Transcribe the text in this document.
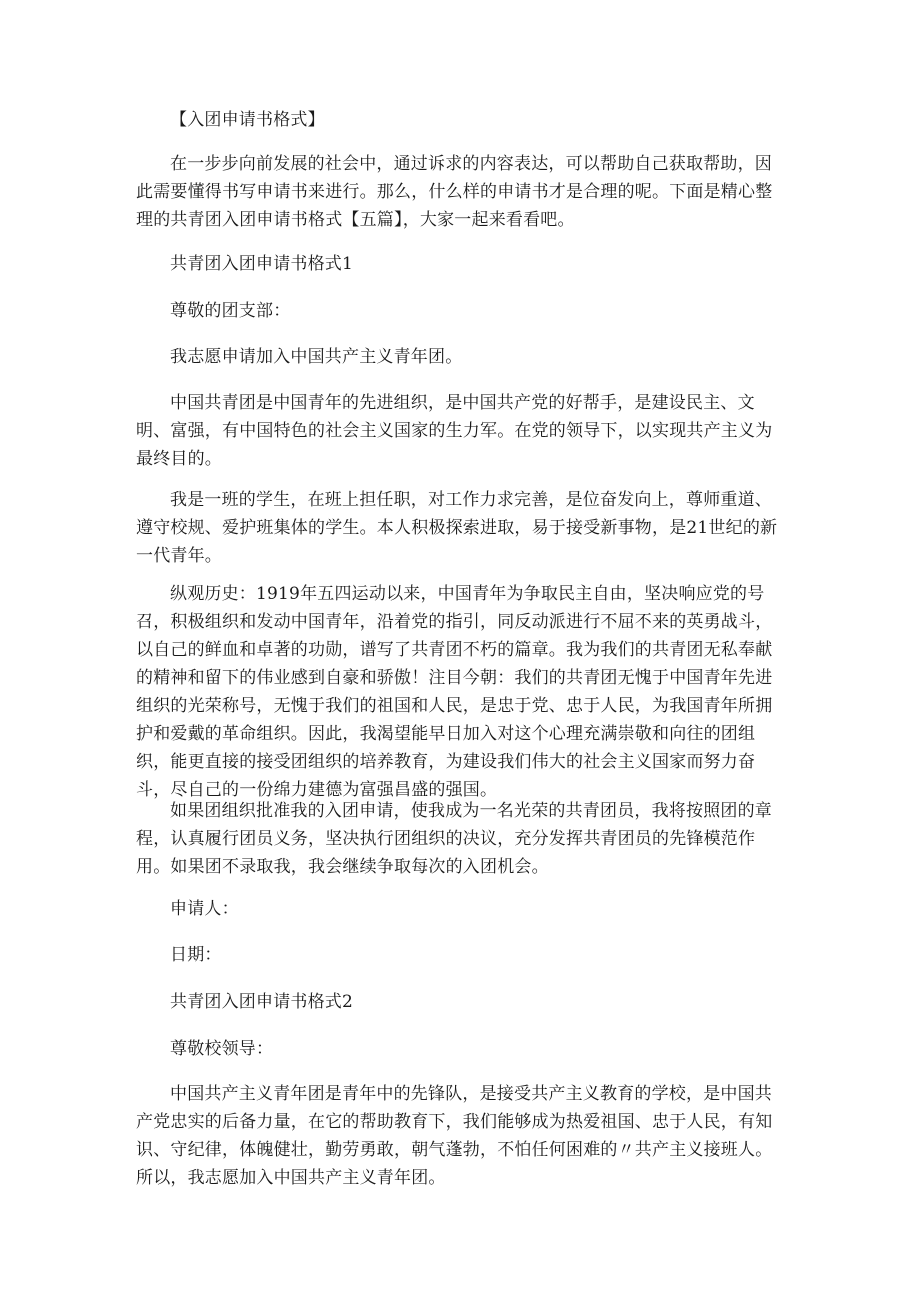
【入团申请书格式】

在一步步向前发展的社会中，通过诉求的内容表达，可以帮助自己获取帮助，因此需要懂得书写申请书来进行。那么，什么样的申请书才是合理的呢。下面是精心整理的共青团入团申请书格式【五篇】，大家一起来看看吧。

共青团入团申请书格式1

尊敬的团支部：

我志愿申请加入中国共产主义青年团。

中国共青团是中国青年的先进组织，是中国共产党的好帮手，是建设民主、文明、富强，有中国特色的社会主义国家的生力军。在党的领导下，以实现共产主义为最终目的。

我是一班的学生，在班上担任职，对工作力求完善，是位奋发向上，尊师重道、遵守校规、爱护班集体的学生。本人积极探索进取，易于接受新事物，是21世纪的新一代青年。

纵观历史：1919年五四运动以来，中国青年为争取民主自由，坚决响应党的号召，积极组织和发动中国青年，沿着党的指引，同反动派进行不屈不来的英勇战斗，以自己的鲜血和卓著的功勋，谱写了共青团不朽的篇章。我为我们的共青团无私奉献的精神和留下的伟业感到自豪和骄傲！注目今朝：我们的共青团无愧于中国青年先进组织的光荣称号，无愧于我们的祖国和人民，是忠于党、忠于人民，为我国青年所拥护和爱戴的革命组织。因此，我渴望能早日加入对这个心理充满崇敬和向往的团组织，能更直接的接受团组织的培养教育，为建设我们伟大的社会主义国家而努力奋斗，尽自己的一份绵力建德为富强昌盛的强国。

如果团组织批准我的入团申请，使我成为一名光荣的共青团员，我将按照团的章程，认真履行团员义务，坚决执行团组织的决议，充分发挥共青团员的先锋模范作用。如果团不录取我，我会继续争取每次的入团机会。

申请人：

日期：

共青团入团申请书格式2

尊敬校领导：

中国共产主义青年团是青年中的先锋队，是接受共产主义教育的学校，是中国共产党忠实的后备力量，在它的帮助教育下，我们能够成为热爱祖国、忠于人民，有知识、守纪律，体魄健壮，勤劳勇敢，朝气蓬勃，不怕任何困难的〃共产主义接班人。所以，我志愿加入中国共产主义青年团。
